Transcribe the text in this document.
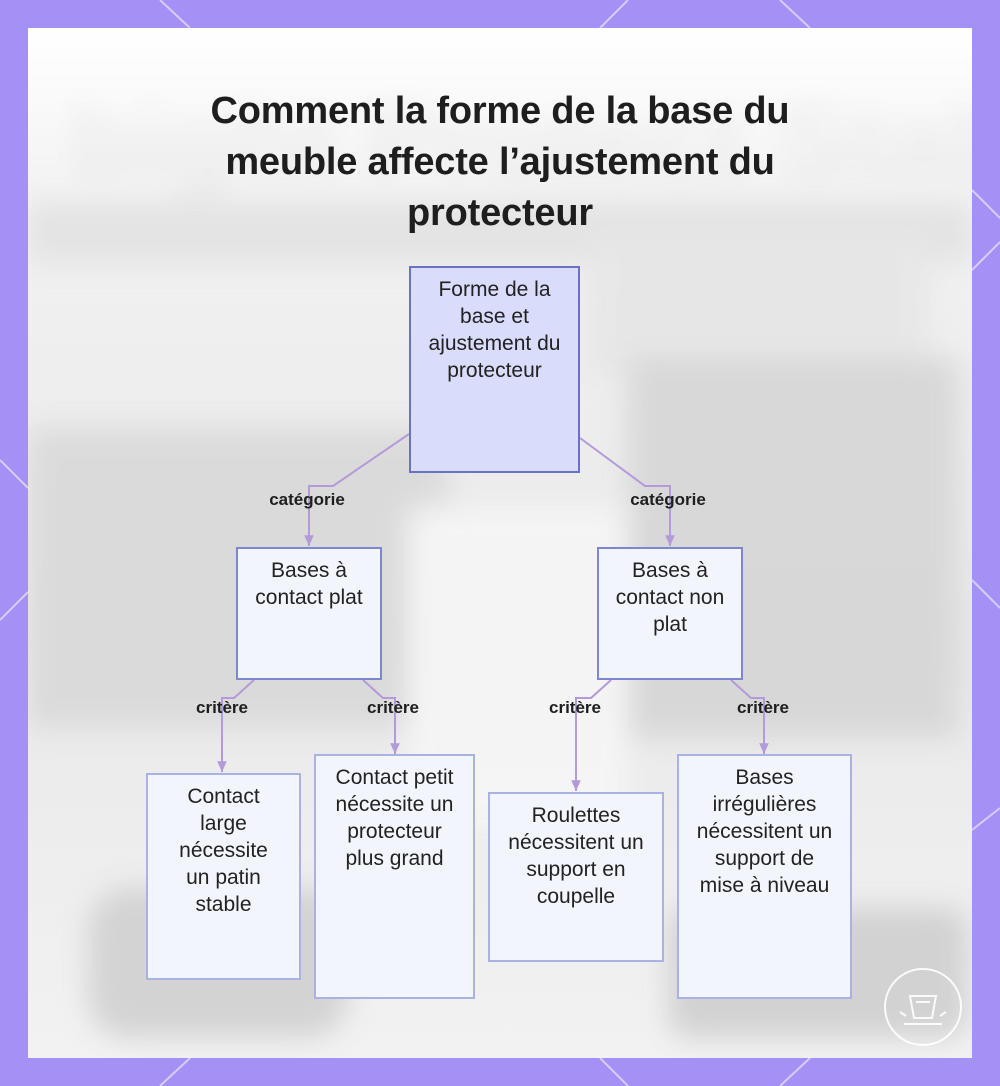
Comment la forme de la base du meuble affecte l’ajustement du protecteur
catégorie	catégorie
critère	critère	critère	critère
Forme de la base et ajustement du protecteur
Bases à contact plat
Bases à contact non plat
Contact large nécessite un patin stable
Contact petit nécessite un protecteur plus grand
Roulettes nécessitent un support en coupelle
Bases irrégulières nécessitent un support de mise à niveau
